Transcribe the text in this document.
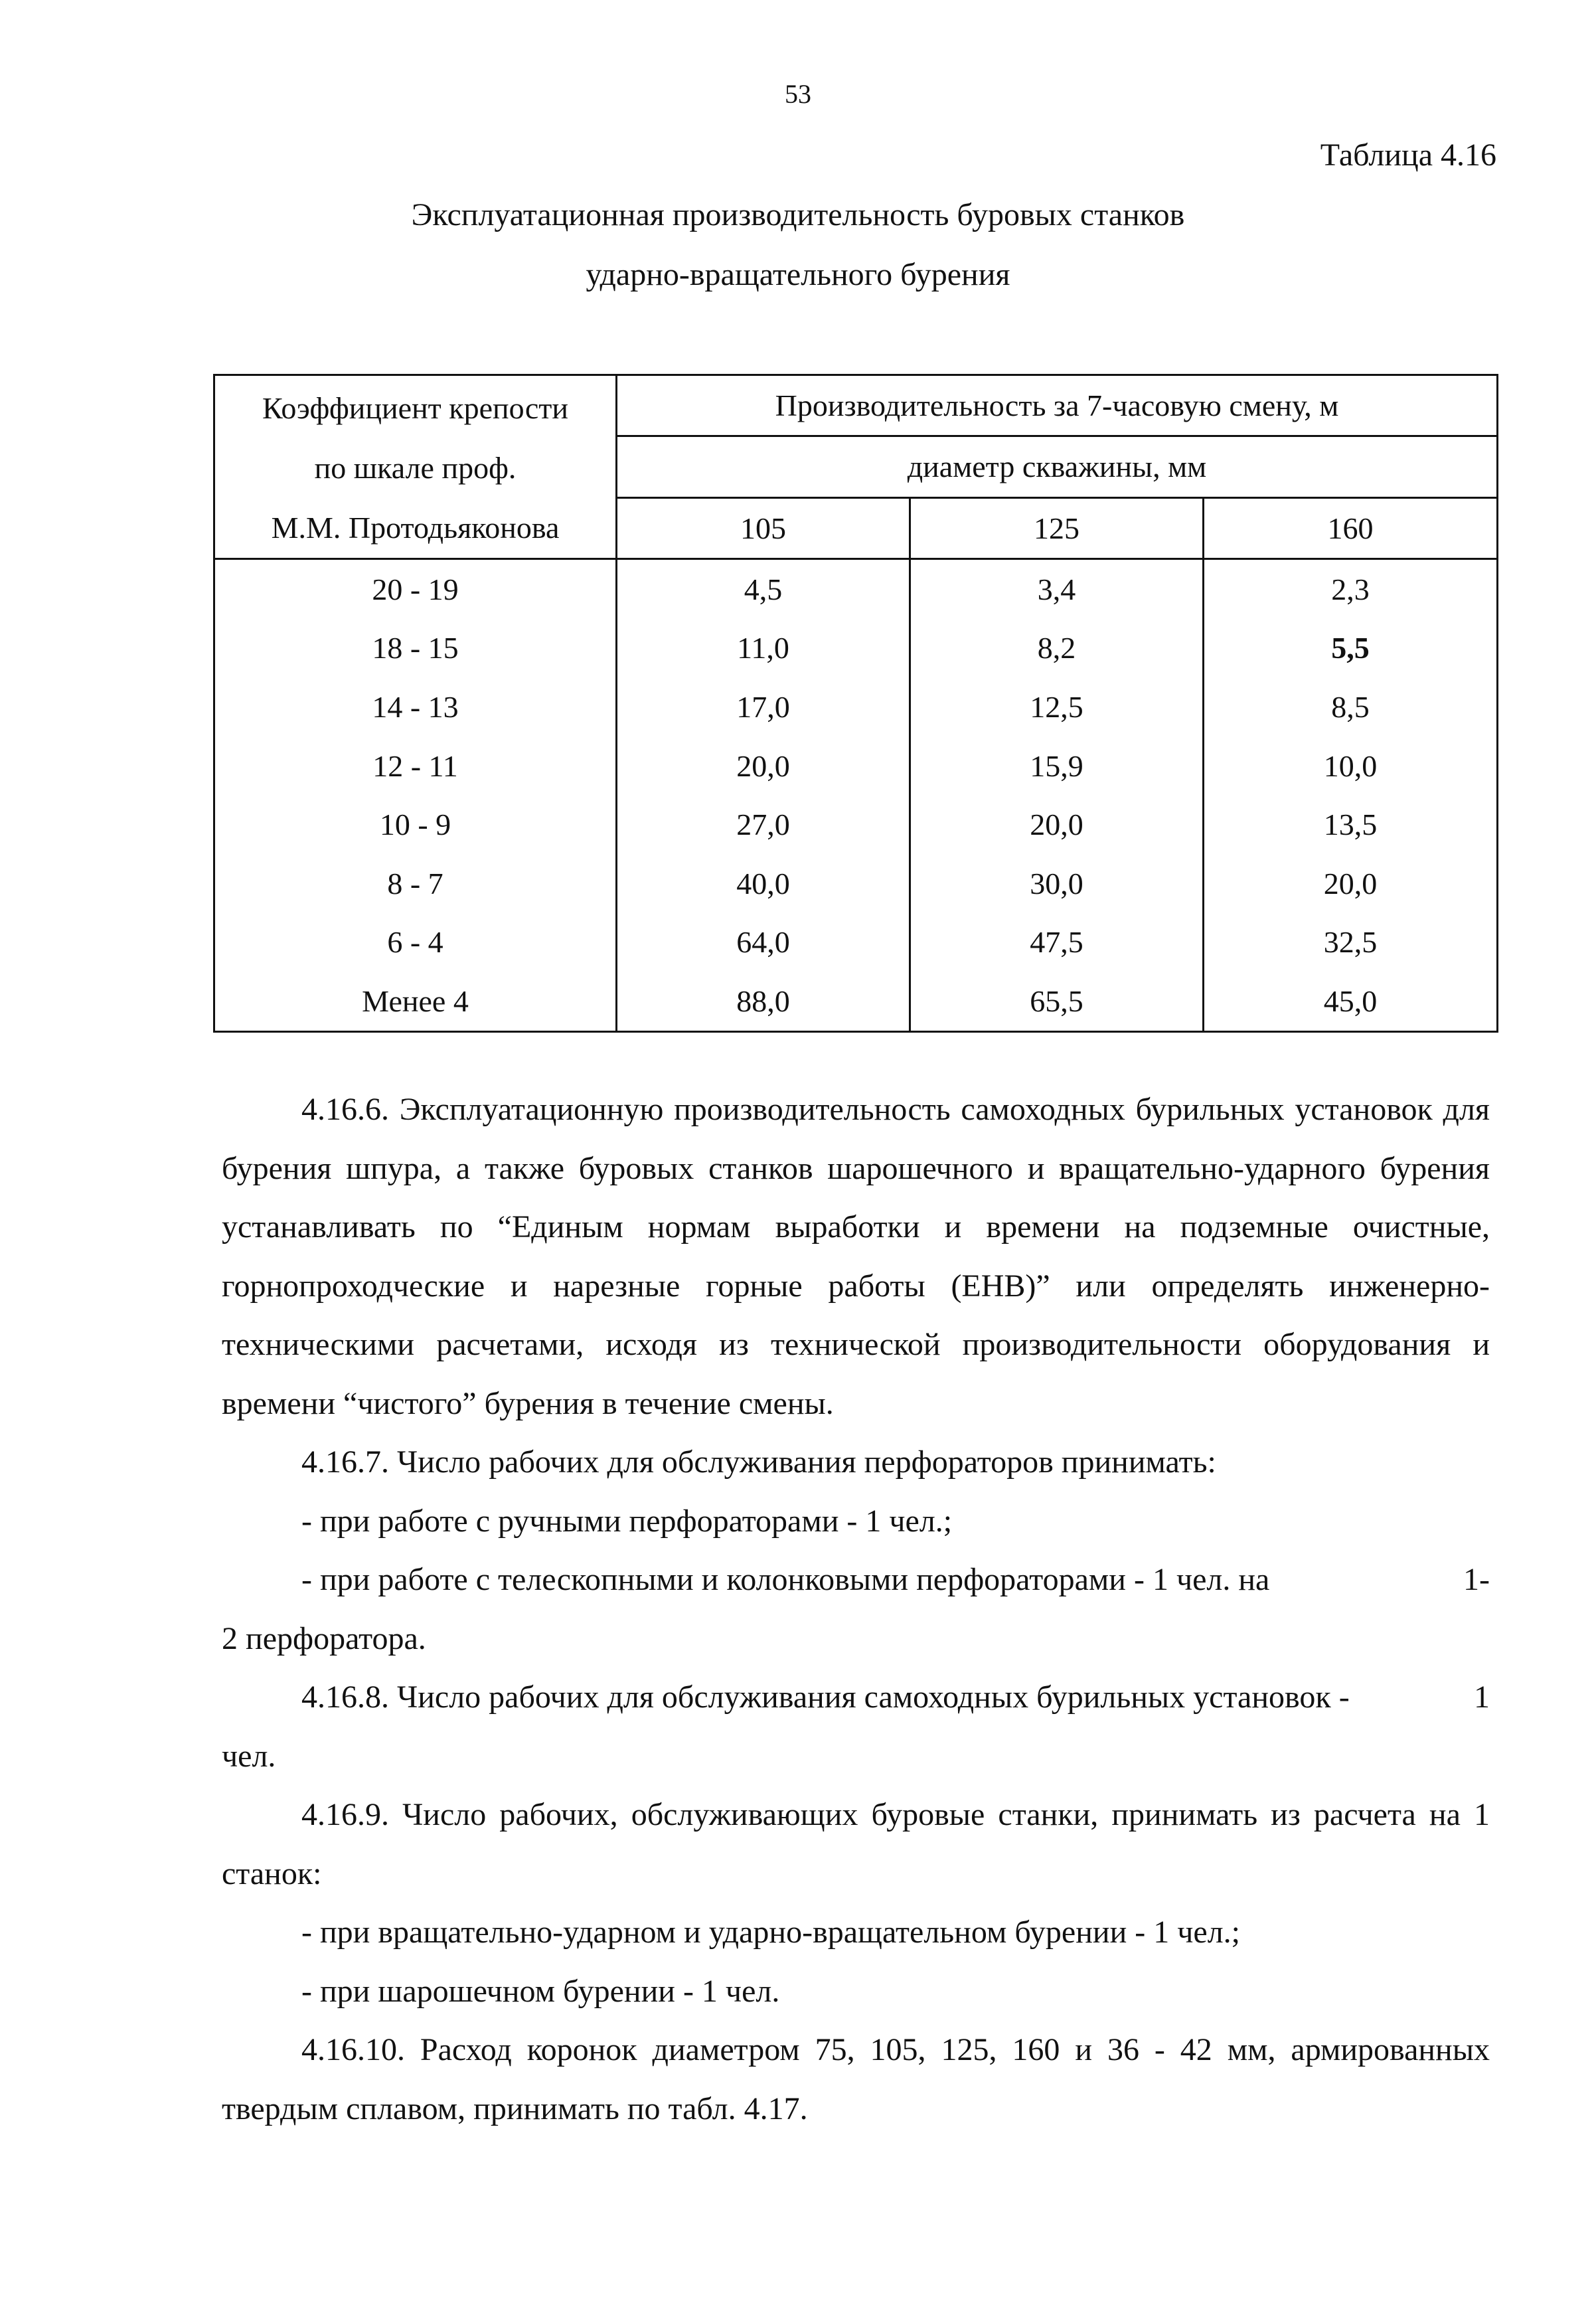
53
Таблица 4.16
Эксплуатационная производительность буровых станков
ударно-вращательного бурения
Коэффициент крепости
по шкале проф.
М.М. Протодьяконова	Производительность за 7-часовую смену, м		
	диаметр скважины, мм		
	105	125	160
20 - 19	4,5	3,4	2,3
18 - 15	11,0	8,2	5,5
14 - 13	17,0	12,5	8,5
12 - 11	20,0	15,9	10,0
10 - 9	27,0	20,0	13,5
8 - 7	40,0	30,0	20,0
6 - 4	64,0	47,5	32,5
Менее 4	88,0	65,5	45,0

4.16.6. Эксплуатационную производительность самоходных бурильных установок для бурения шпура, а также буровых станков шарошечного и вращательно-ударного бурения устанавливать по “Единым нормам выработки и времени на подземные очистные, горнопроходческие и нарезные горные работы (ЕНВ)” или определять инженерно-техническими расчетами, исходя из технической производительности оборудования и времени “чистого” бурения в течение смены.

4.16.7. Число рабочих для обслуживания перфораторов принимать:

- при работе с ручными перфораторами - 1 чел.;

- при работе с телескопными и колонковыми перфораторами - 1 чел. на	1-

2 перфоратора.

4.16.8. Число рабочих для обслуживания самоходных бурильных установок -	1

чел.

4.16.9. Число рабочих, обслуживающих буровые станки, принимать из расчета на 1 станок:

- при вращательно-ударном и ударно-вращательном бурении - 1 чел.;

- при шарошечном бурении - 1 чел.

4.16.10. Расход коронок диаметром 75, 105, 125, 160 и 36 - 42 мм, армированных твердым сплавом, принимать по табл. 4.17.
